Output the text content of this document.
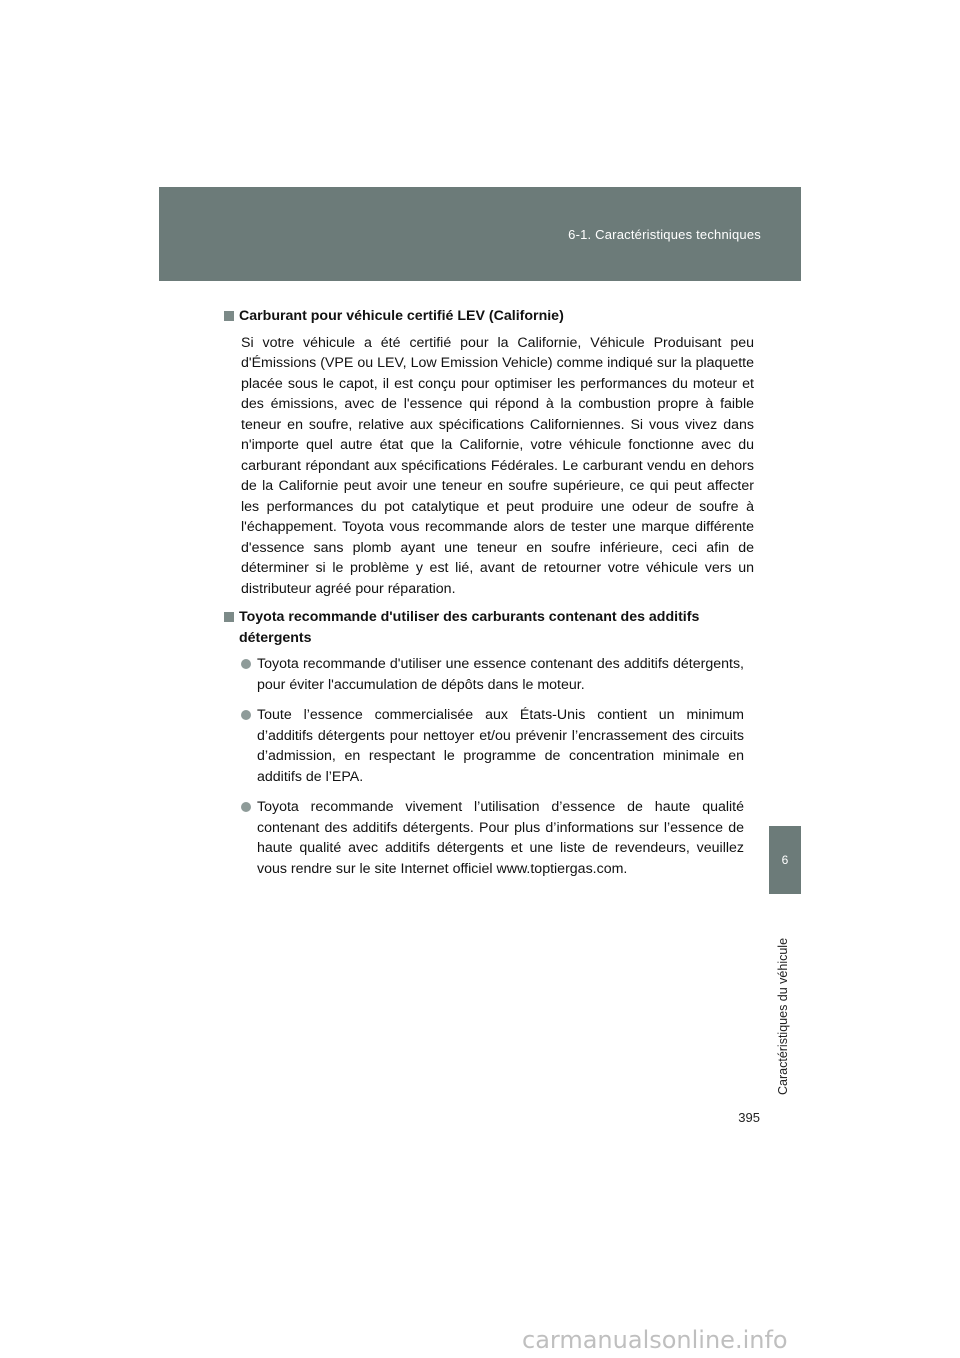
6-1. Caractéristiques techniques
Carburant pour véhicule certifié LEV (Californie)
Si votre véhicule a été certifié pour la Californie, Véhicule Produisant peu d'Émissions (VPE ou LEV, Low Emission Vehicle) comme indiqué sur la plaquette placée sous le capot, il est conçu pour optimiser les performances du moteur et des émissions, avec de l'essence qui répond à la combustion propre à faible teneur en soufre, relative aux spécifications Californiennes. Si vous vivez dans n'importe quel autre état que la Californie, votre véhicule fonctionne avec du carburant répondant aux spécifications Fédérales. Le carburant vendu en dehors de la Californie peut avoir une teneur en soufre supérieure, ce qui peut affecter les performances du pot catalytique et peut produire une odeur de soufre à l'échappement. Toyota vous recommande alors de tester une marque différente d'essence sans plomb ayant une teneur en soufre inférieure, ceci afin de déterminer si le problème y est lié, avant de retourner votre véhicule vers un distributeur agréé pour réparation.
Toyota recommande d'utiliser des carburants contenant des additifs détergents
Toyota recommande d'utiliser une essence contenant des additifs détergents, pour éviter l'accumulation de dépôts dans le moteur.
Toute l’essence commercialisée aux États-Unis contient un minimum d’additifs détergents pour nettoyer et/ou prévenir l’encrassement des circuits d’admission, en respectant le programme de concentration minimale en additifs de l’EPA.
Toyota recommande vivement l’utilisation d’essence de haute qualité contenant des additifs détergents. Pour plus d’informations sur l’essence de haute qualité avec additifs détergents et une liste de revendeurs, veuillez vous rendre sur le site Internet officiel www.toptiergas.com.
6
Caractéristiques du véhicule
395
carmanualsonline.info
